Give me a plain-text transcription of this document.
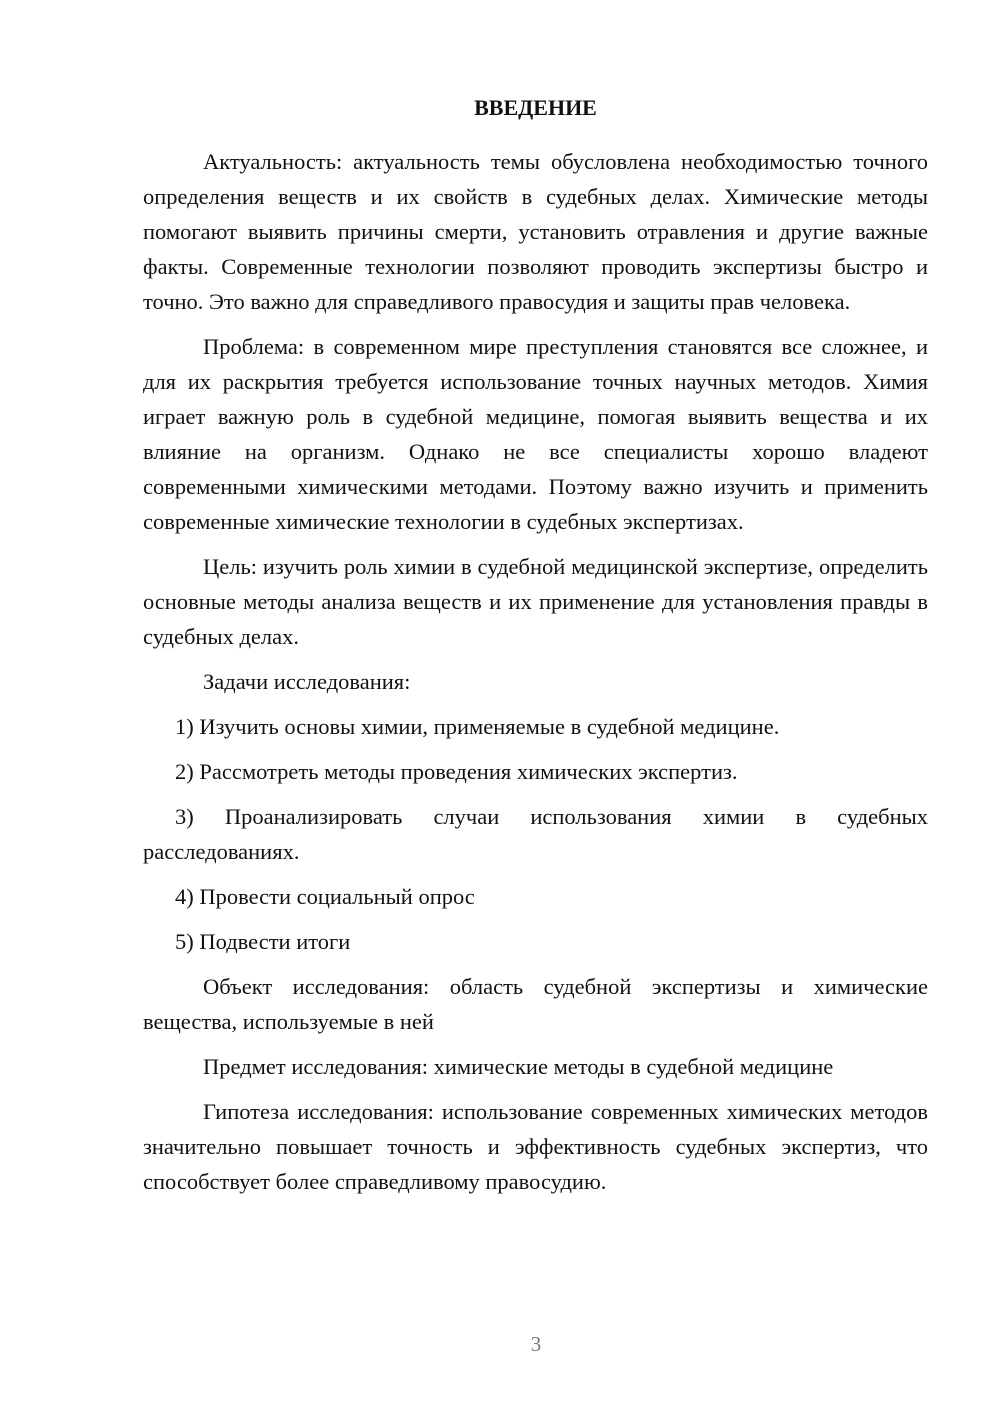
ВВЕДЕНИЕ

Актуальность: актуальность темы обусловлена необходимостью точного определения веществ и их свойств в судебных делах. Химические методы помогают выявить причины смерти, установить отравления и другие важные факты. Современные технологии позволяют проводить экспертизы быстро и точно. Это важно для справедливого правосудия и защиты прав человека.

Проблема: в современном мире преступления становятся все сложнее, и для их раскрытия требуется использование точных научных методов. Химия играет важную роль в судебной медицине, помогая выявить вещества и их влияние на организм. Однако не все специалисты хорошо владеют современными химическими методами. Поэтому важно изучить и применить современные химические технологии в судебных экспертизах.

Цель: изучить роль химии в судебной медицинской экспертизе, определить основные методы анализа веществ и их применение для установления правды в судебных делах.

Задачи исследования:

1) Изучить основы химии, применяемые в судебной медицине.

2) Рассмотреть методы проведения химических экспертиз.

3) Проанализировать случаи использования химии в судебных расследованиях.

4) Провести социальный опрос

5) Подвести итоги

Объект исследования: область судебной экспертизы и химические вещества, используемые в ней

Предмет исследования: химические методы в судебной медицине

Гипотеза исследования: использование современных химических методов значительно повышает точность и эффективность судебных экспертиз, что способствует более справедливому правосудию.

3
